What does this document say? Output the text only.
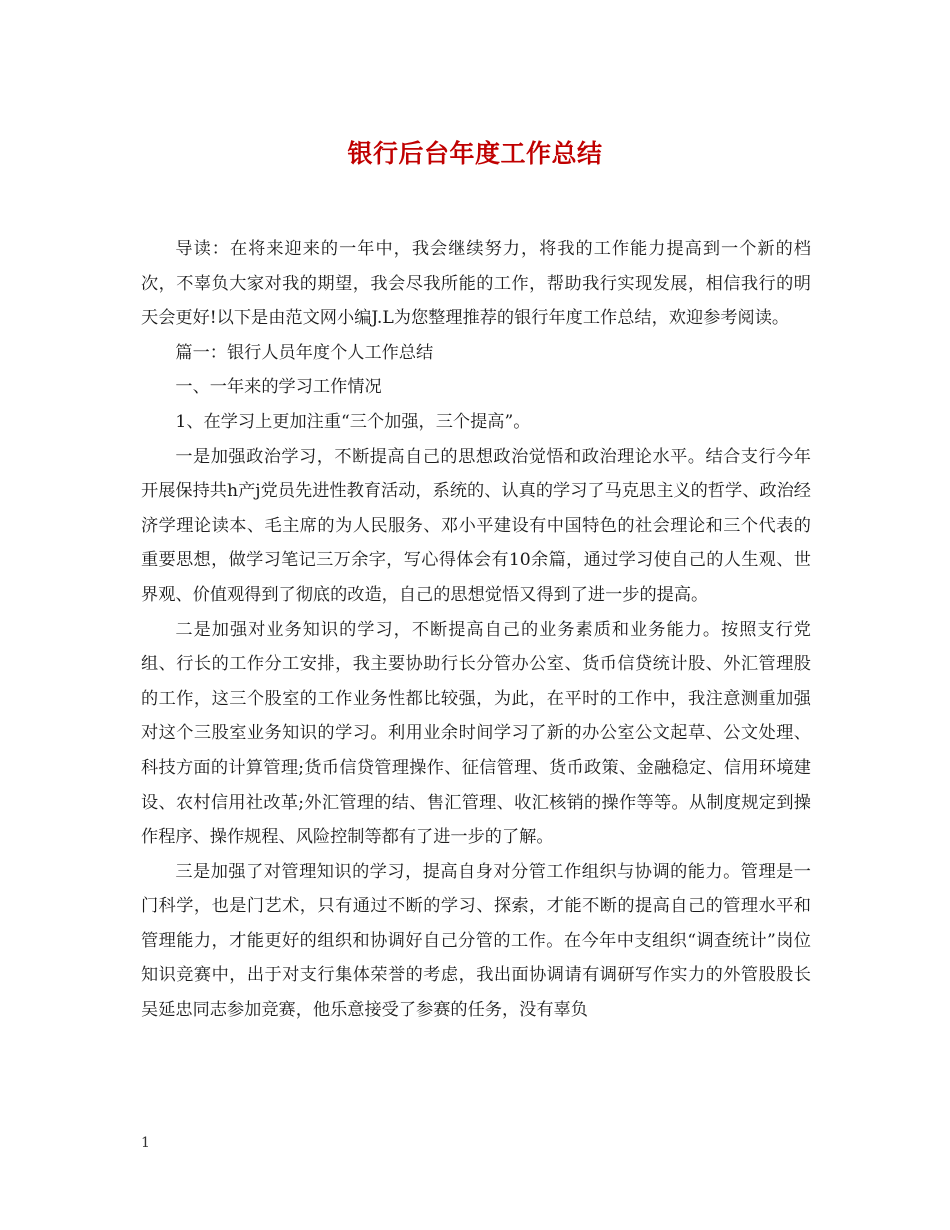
银行后台年度工作总结

导读：在将来迎来的一年中，我会继续努力，将我的工作能力提高到一个新的档次，不辜负大家对我的期望，我会尽我所能的工作，帮助我行实现发展，相信我行的明天会更好!以下是由范文网小编J.L为您整理推荐的银行年度工作总结，欢迎参考阅读。

篇一：银行人员年度个人工作总结

一、一年来的学习工作情况

1、在学习上更加注重“三个加强，三个提高”。

一是加强政治学习，不断提高自己的思想政治觉悟和政治理论水平。结合支行今年开展保持共h产j党员先进性教育活动，系统的、认真的学习了马克思主义的哲学、政治经济学理论读本、毛主席的为人民服务、邓小平建设有中国特色的社会理论和三个代表的重要思想，做学习笔记三万余字，写心得体会有10余篇，通过学习使自己的人生观、世界观、价值观得到了彻底的改造，自己的思想觉悟又得到了进一步的提高。

二是加强对业务知识的学习，不断提高自己的业务素质和业务能力。按照支行党组、行长的工作分工安排，我主要协助行长分管办公室、货币信贷统计股、外汇管理股的工作，这三个股室的工作业务性都比较强，为此，在平时的工作中，我注意测重加强对这个三股室业务知识的学习。利用业余时间学习了新的办公室公文起草、公文处理、科技方面的计算管理;货币信贷管理操作、征信管理、货币政策、金融稳定、信用环境建设、农村信用社改革;外汇管理的结、售汇管理、收汇核销的操作等等。从制度规定到操作程序、操作规程、风险控制等都有了进一步的了解。

三是加强了对管理知识的学习，提高自身对分管工作组织与协调的能力。管理是一门科学，也是门艺术，只有通过不断的学习、探索，才能不断的提高自己的管理水平和管理能力，才能更好的组织和协调好自己分管的工作。在今年中支组织“调查统计”岗位知识竞赛中，出于对支行集体荣誉的考虑，我出面协调请有调研写作实力的外管股股长吴延忠同志参加竞赛，他乐意接受了参赛的任务，没有辜负

1
